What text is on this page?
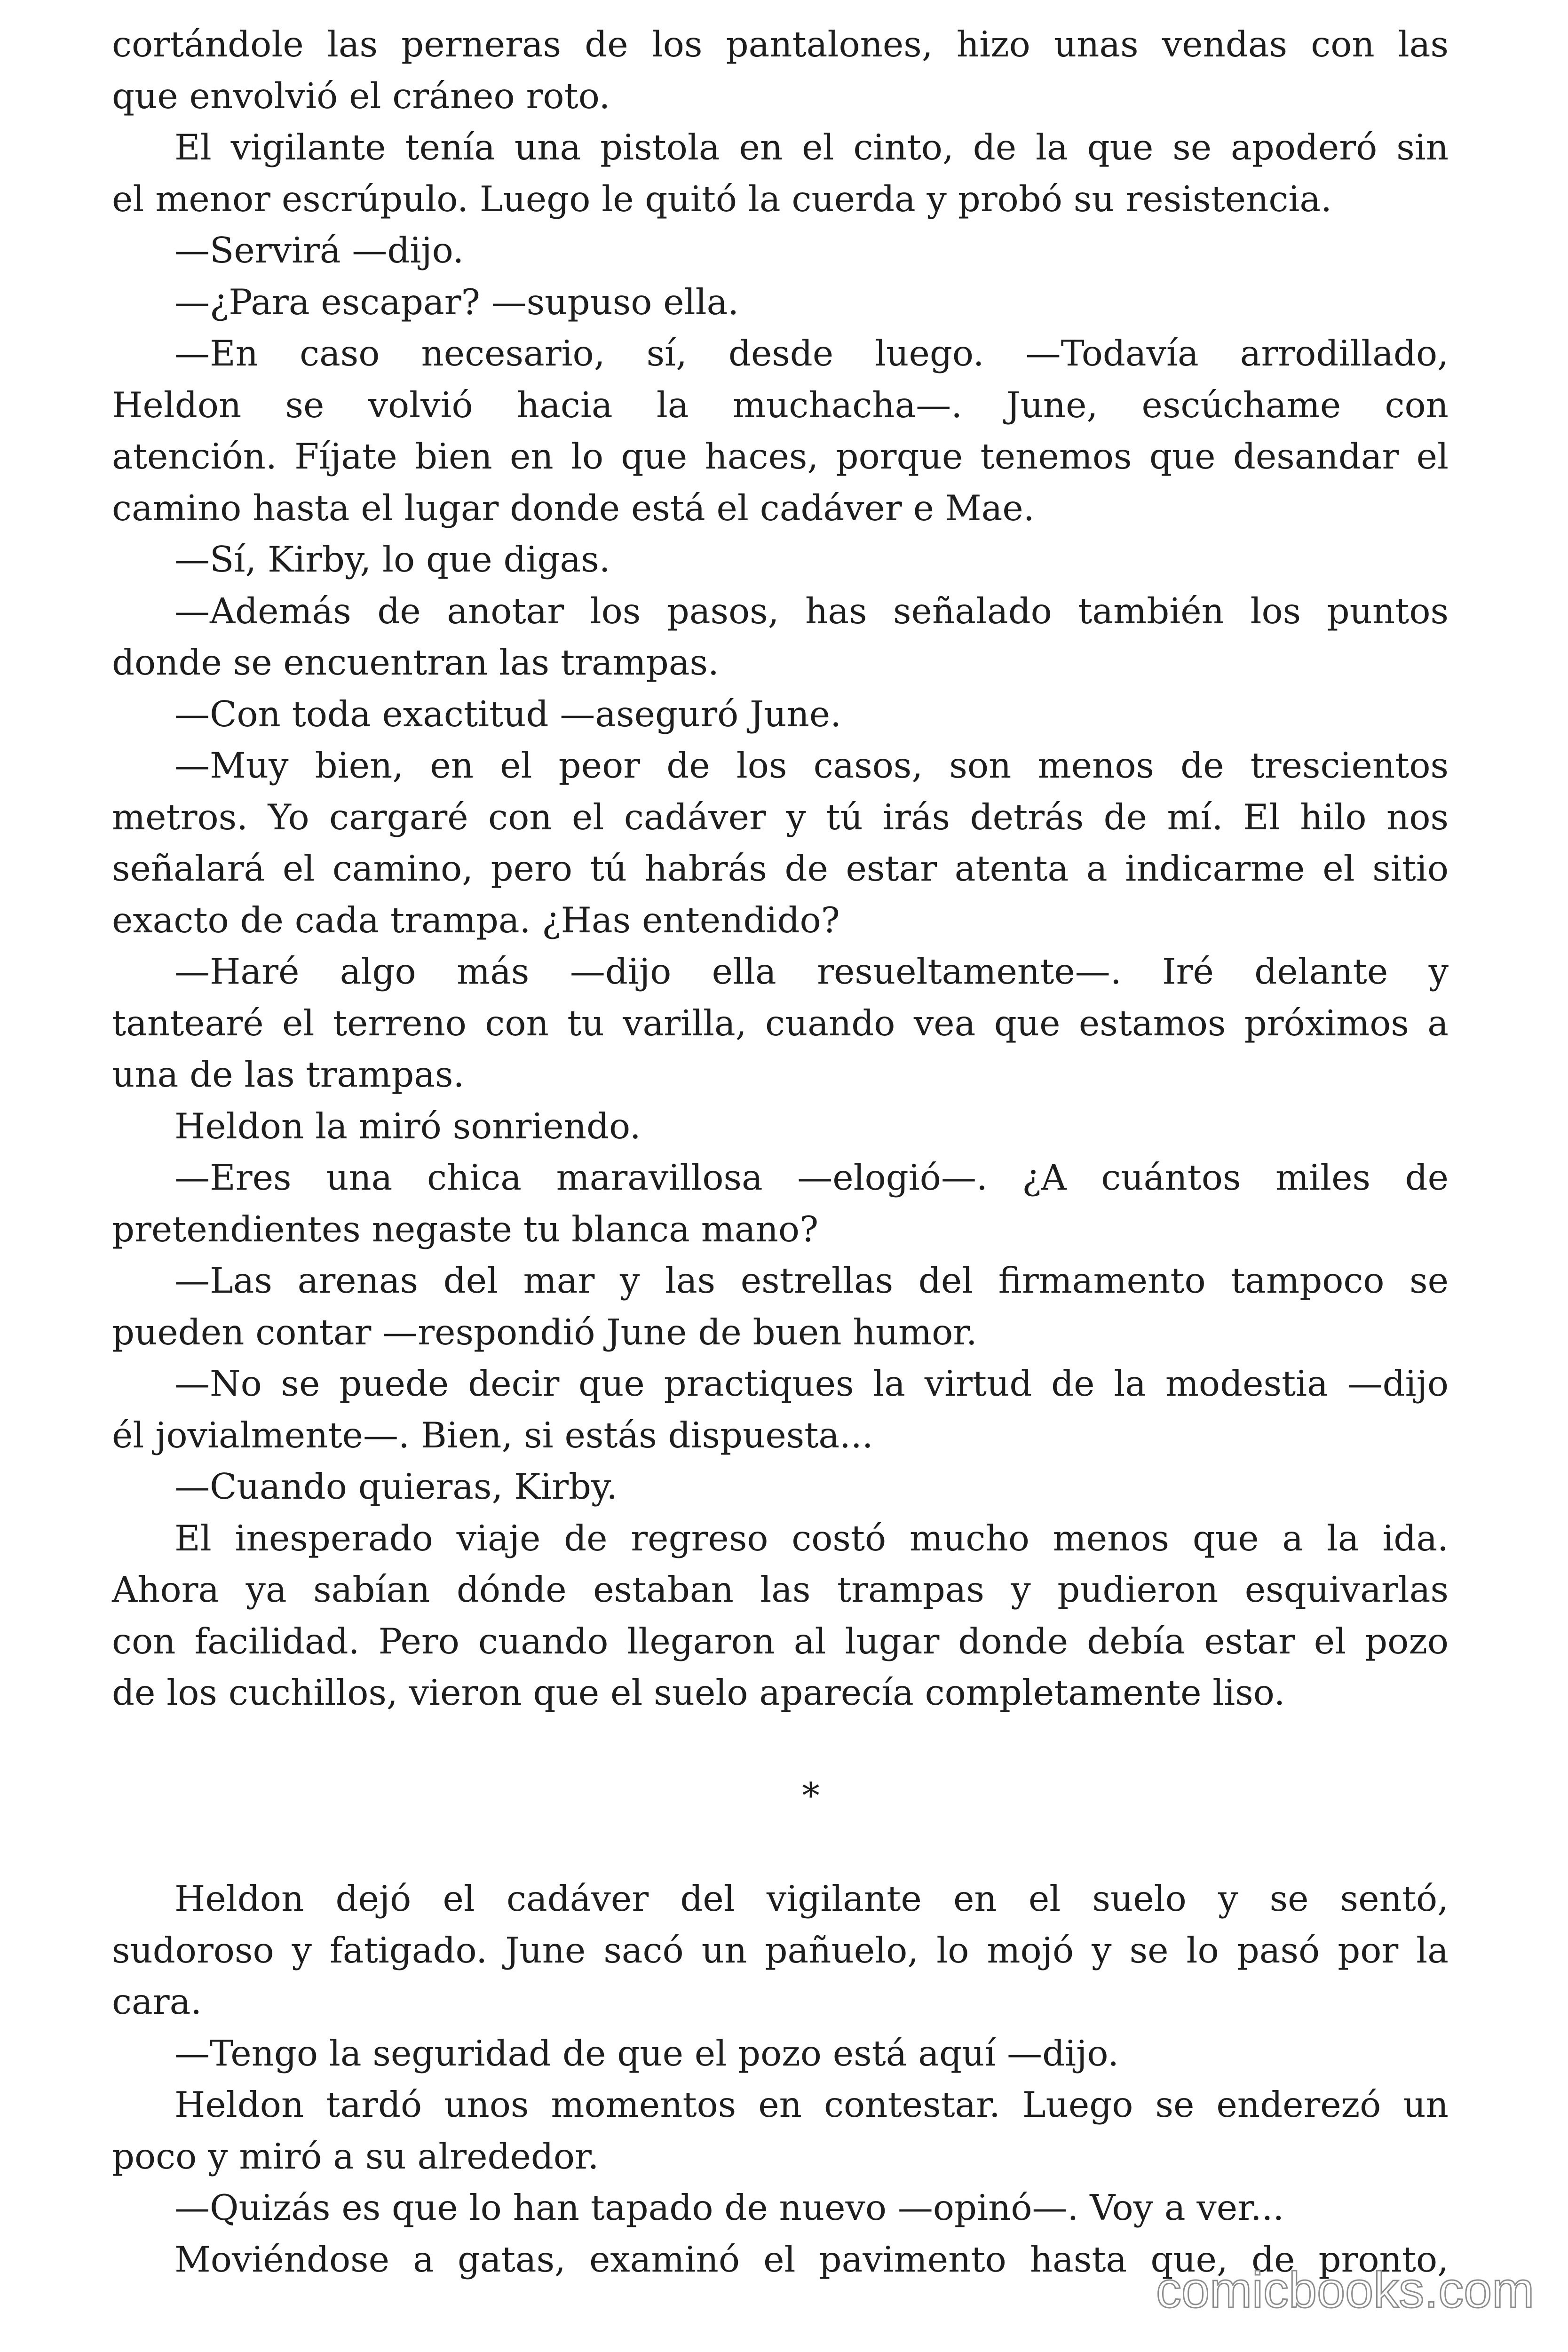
cortándole las perneras de los pantalones, hizo unas vendas con las
que envolvió el cráneo roto.
El vigilante tenía una pistola en el cinto, de la que se apoderó sin
el menor escrúpulo. Luego le quitó la cuerda y probó su resistencia.
—Servirá —dijo.
—¿Para escapar? —supuso ella.
—En caso necesario, sí, desde luego. —Todavía arrodillado,
Heldon se volvió hacia la muchacha—. June, escúchame con
atención. Fíjate bien en lo que haces, porque tenemos que desandar el
camino hasta el lugar donde está el cadáver e Mae.
—Sí, Kirby, lo que digas.
—Además de anotar los pasos, has señalado también los puntos
donde se encuentran las trampas.
—Con toda exactitud —aseguró June.
—Muy bien, en el peor de los casos, son menos de trescientos
metros. Yo cargaré con el cadáver y tú irás detrás de mí. El hilo nos
señalará el camino, pero tú habrás de estar atenta a indicarme el sitio
exacto de cada trampa. ¿Has entendido?
—Haré algo más —dijo ella resueltamente—. Iré delante y
tantearé el terreno con tu varilla, cuando vea que estamos próximos a
una de las trampas.
Heldon la miró sonriendo.
—Eres una chica maravillosa —elogió—. ¿A cuántos miles de
pretendientes negaste tu blanca mano?
—Las arenas del mar y las estrellas del firmamento tampoco se
pueden contar —respondió June de buen humor.
—No se puede decir que practiques la virtud de la modestia —dijo
él jovialmente—. Bien, si estás dispuesta...
—Cuando quieras, Kirby.
El inesperado viaje de regreso costó mucho menos que a la ida.
Ahora ya sabían dónde estaban las trampas y pudieron esquivarlas
con facilidad. Pero cuando llegaron al lugar donde debía estar el pozo
de los cuchillos, vieron que el suelo aparecía completamente liso.
*
Heldon dejó el cadáver del vigilante en el suelo y se sentó,
sudoroso y fatigado. June sacó un pañuelo, lo mojó y se lo pasó por la
cara.
—Tengo la seguridad de que el pozo está aquí —dijo.
Heldon tardó unos momentos en contestar. Luego se enderezó un
poco y miró a su alrededor.
—Quizás es que lo han tapado de nuevo —opinó—. Voy a ver...
Moviéndose a gatas, examinó el pavimento hasta que, de pronto,
comicbooks.com
